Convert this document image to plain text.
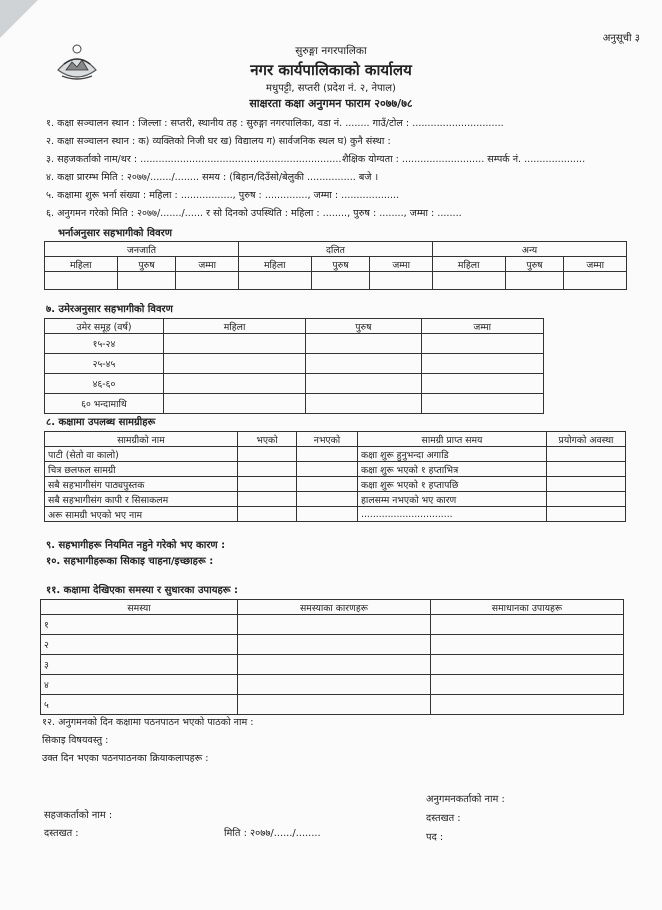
अनुसूची ३
सुरुङ्गा नगरपालिका
नगर कार्यपालिकाको कार्यालय
मधुपट्टी, सप्तरी (प्रदेश नं. २, नेपाल)
साक्षरता कक्षा अनुगमन फाराम २०७७/७८
१. कक्षा सञ्चालन स्थान : जिल्ला : सप्तरी, स्थानीय तह : सुरुङ्गा नगरपालिका, वडा नं. ........ गाउँ/टोल : ..............................
२. कक्षा सञ्चालन स्थान : क) व्यक्तिको निजी घर ख) विद्यालय ग) सार्वजनिक स्थल घ) कुनै संस्था :
३. सहजकर्ताको नाम/थर : .................................................................. शैक्षिक योग्यता : ........................... सम्पर्क नं. ....................
४. कक्षा प्रारम्भ मिति : २०७७/......./........ समय : (बिहान/दिउँसो/बेलुकी ................ बजे ।
५. कक्षामा शुरू भर्ना संख्या : महिला : ................., पुरुष : .............., जम्मा : ...................
६. अनुगमन गरेको मिति : २०७७/......./...... र सो दिनको उपस्थिति : महिला : ........, पुरुष : ........, जम्मा : ........
भर्नाअनुसार सहभागीको विवरण
जनजाति			दलित			अन्य		
महिला	पुरुष	जम्मा	महिला	पुरुष	जम्मा	महिला	पुरुष	जम्मा

७. उमेरअनुसार सहभागीको विवरण
उमेर समूह (वर्ष)	महिला	पुरुष	जम्मा
१५-२४			
२५-४५			
४६-६०			
६० भन्दामाथि			
८. कक्षामा उपलब्ध सामग्रीहरू
सामग्रीको नाम	भएको	नभएको	सामग्री प्राप्त समय	प्रयोगको अवस्था
पाटी (सेतो वा कालो)			कक्षा शुरू हुनुभन्दा अगाडि	
चित्र छलफल सामग्री			कक्षा शुरू भएको १ हप्ताभित्र	
सबै सहभागीसंग पाठ्यपुस्तक			कक्षा शुरू भएको १ हप्तापछि	
सबै सहभागीसंग कापी र सिसाकलम			हालसम्म नभएको भए कारण	
अरू सामग्री भएको भए नाम			...............................	
९. सहभागीहरू नियमित नहुने गरेको भए कारण :
१०. सहभागीहरूका सिकाइ चाहना/इच्छाहरू :
११. कक्षामा देखिएका समस्या र सुधारका उपायहरू :
समस्या	समस्याका कारणहरू	समाधानका उपायहरू
१		
२		
३		
४		
५		
१२. अनुगमनको दिन कक्षामा पठनपाठन भएको पाठको नाम :
सिकाइ विषयवस्तु :
उक्त दिन भएका पठनपाठनका क्रियाकलापहरू :
अनुगमनकर्ताको नाम :
दस्तखत :
पद :
सहजकर्ताको नाम :
दस्तखत :	मिति : २०७७/....../........
